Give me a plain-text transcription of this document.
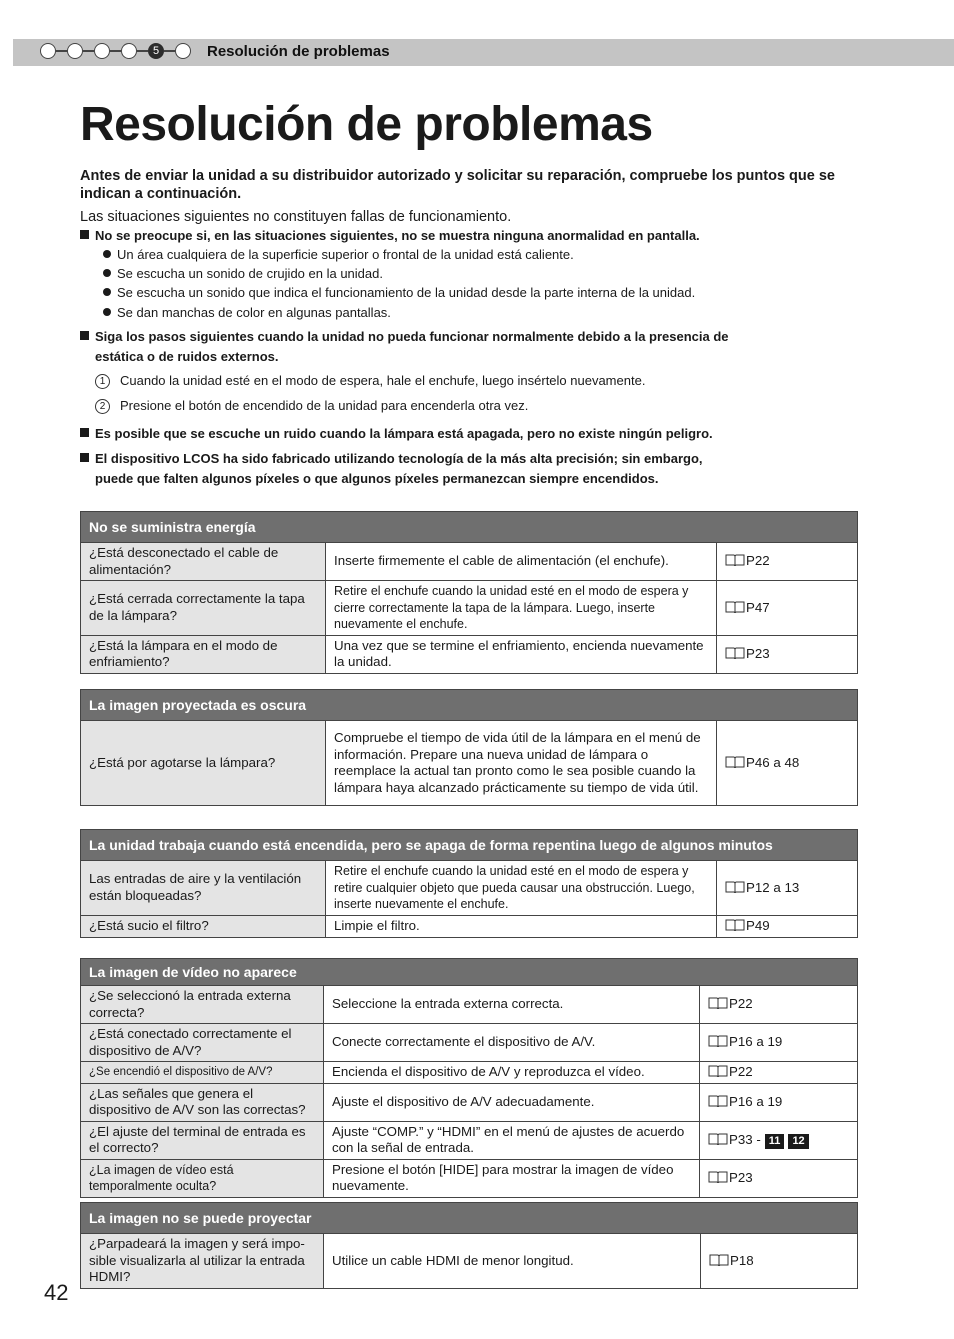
5	Resolución de problemas
Resolución de problemas
Antes de enviar la unidad a su distribuidor autorizado y solicitar su reparación, compruebe los puntos que se indican a continuación.
Las situaciones siguientes no constituyen fallas de funcionamiento.
No se preocupe si, en las situaciones siguientes, no se muestra ninguna anormalidad en pantalla.
Un área cualquiera de la superficie superior o frontal de la unidad está caliente.
Se escucha un sonido de crujido en la unidad.
Se escucha un sonido que indica el funcionamiento de la unidad desde la parte interna de la unidad.
Se dan manchas de color en algunas pantallas.
Siga los pasos siguientes cuando la unidad no pueda funcionar normalmente debido a la presencia de
estática o de ruidos externos.
1	Cuando la unidad esté en el modo de espera, hale el enchufe, luego insértelo nuevamente.
2	Presione el botón de encendido de la unidad para encenderla otra vez.
Es posible que se escuche un ruido cuando la lámpara está apagada, pero no existe ningún peligro.
El dispositivo LCOS ha sido fabricado utilizando tecnología de la más alta precisión; sin embargo,
puede que falten algunos píxeles o que algunos píxeles permanezcan siempre encendidos.
No se suministra energía		
¿Está desconectado el cable de alimentación?	Inserte firmemente el cable de alimentación (el enchufe).	P22
¿Está cerrada correctamente la tapa de la lámpara?	Retire el enchufe cuando la unidad esté en el modo de espera y cierre correctamente la tapa de la lámpara. Luego, inserte nuevamente el enchufe.	P47
¿Está la lámpara en el modo de enfriamiento?	Una vez que se termine el enfriamiento, encienda nuevamente la unidad.	P23
La imagen proyectada es oscura
¿Está por agotarse la lámpara?	Compruebe el tiempo de vida útil de la lámpara en el menú de información. Prepare una nueva unidad de lámpara o reemplace la actual tan pronto como le sea posible cuando la lámpara haya alcanzado prácticamente su tiempo de vida útil.	P46 a 48
La unidad trabaja cuando está encendida, pero se apaga de forma repentina luego de algunos minutos		
Las entradas de aire y la ventilación están bloqueadas?	Retire el enchufe cuando la unidad esté en el modo de espera y retire cualquier objeto que pueda causar una obstrucción. Luego, inserte nuevamente el enchufe.	P12 a 13
¿Está sucio el filtro?	Limpie el filtro.	P49
La imagen de vídeo no aparece		
¿Se seleccionó la entrada externa correcta?	Seleccione la entrada externa correcta.	P22
¿Está conectado correctamente el dispositivo de A/V?	Conecte correctamente el dispositivo de A/V.	P16 a 19
¿Se encendió el dispositivo de A/V?	Encienda el dispositivo de A/V y reproduzca el vídeo.	P22
¿Las señales que genera el dispositivo de A/V son las correctas?	Ajuste el dispositivo de A/V adecuadamente.	P16 a 19
¿El ajuste del terminal de entrada es el correcto?	Ajuste “COMP.” y “HDMI” en el menú de ajustes de acuerdo con la señal de entrada.	P33 - 11 12
¿La imagen de vídeo está temporalmente oculta?	Presione el botón [HIDE] para mostrar la imagen de vídeo nuevamente.	P23
La imagen no se puede proyectar
¿Parpadeará la imagen y será impo-sible visualizarla al utilizar la entrada HDMI?	Utilice un cable HDMI de menor longitud.	P18
42
